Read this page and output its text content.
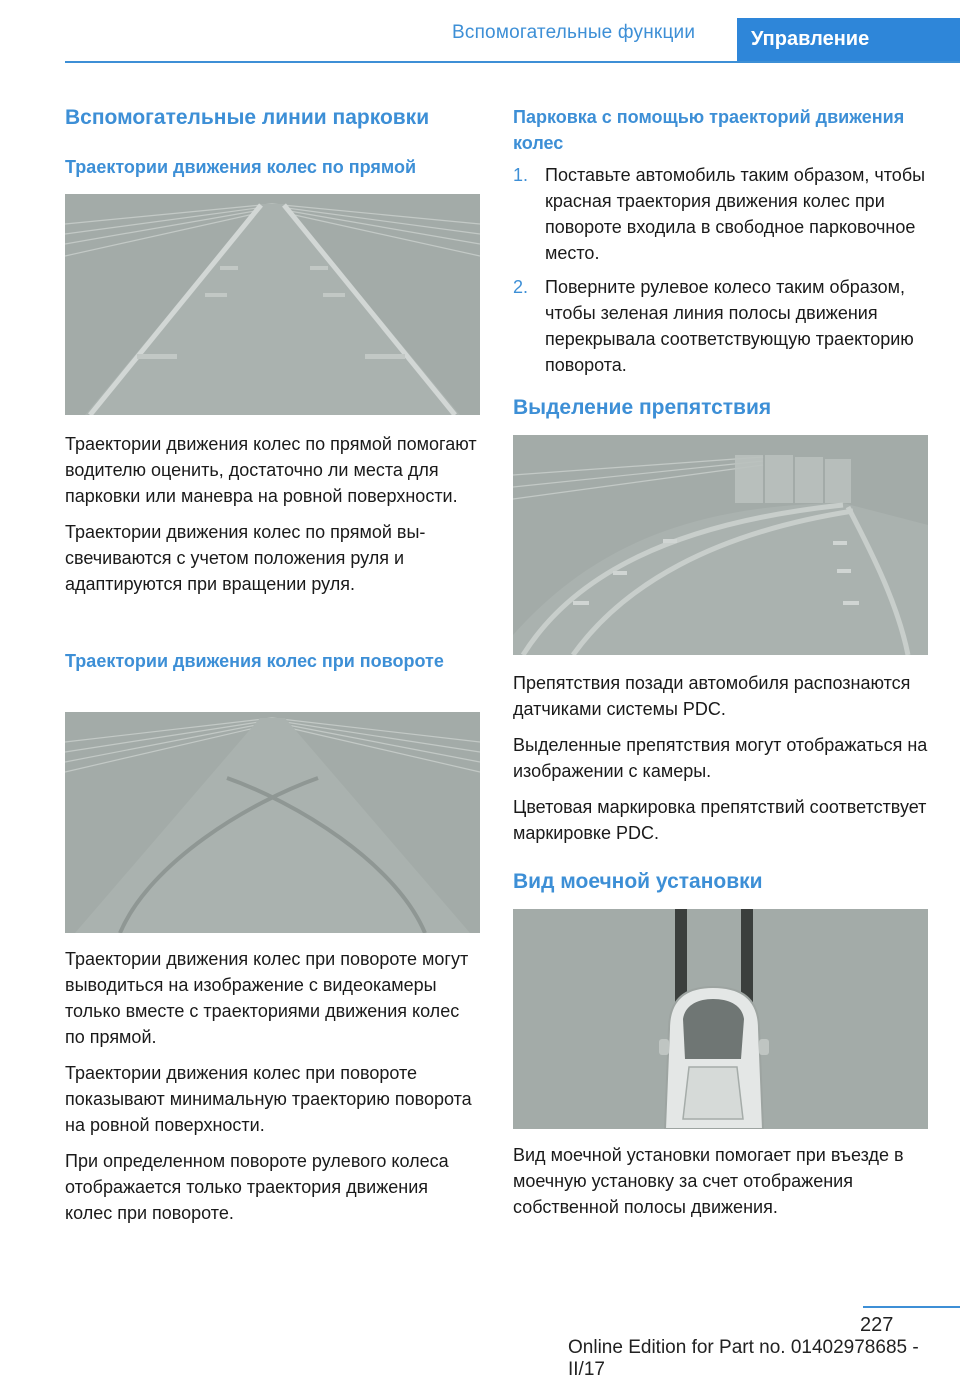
Вспомогательные функции	Управление
Вспомогательные линии парковки
Траектории движения колес по прямой

Траектории движения колес по прямой помогают водителю оценить, достаточно ли места для парковки или маневра на ровной поверхности.

Траектории движения колес по прямой высвечиваются с учетом положения руля и адаптируются при вращении руля.

Траектории движения колес при повороте

Траектории движения колес при повороте могут выводиться на изображение с видеокамеры только вместе с траекториями движения колес по прямой.

Траектории движения колес при повороте показывают минимальную траекторию поворота на ровной поверхности.

При определенном повороте рулевого колеса отображается только траектория движения колес при повороте.

Парковка с помощью траекторий движения колес
1. Поставьте автомобиль таким образом, чтобы красная траектория движения колес при повороте входила в свободное парковочное место.
2. Поверните рулевое колесо таким образом, чтобы зеленая линия полосы движения перекрывала соответствующую траекторию поворота.
Выделение препятствия

Препятствия позади автомобиля распознаются датчиками системы PDC.

Выделенные препятствия могут отображаться на изображении с камеры.

Цветовая маркировка препятствий соответствует маркировке PDC.

Вид моечной установки

Вид моечной установки помогает при въезде в моечную установку за счет отображения собственной полосы движения.

227
Online Edition for Part no. 01402978685 - II/17
